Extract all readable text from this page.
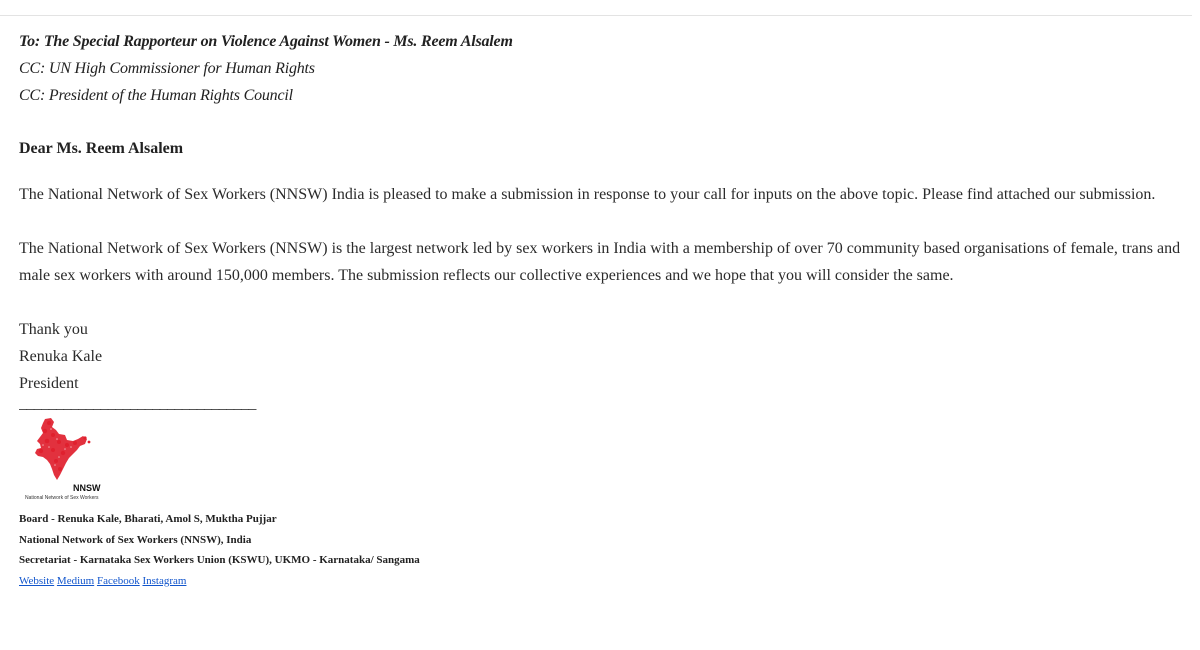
To: The Special Rapporteur on Violence Against Women - Ms. Reem Alsalem
CC: UN High Commissioner for Human Rights
CC: President of the Human Rights Council
Dear Ms. Reem Alsalem
The National Network of Sex Workers (NNSW) India is pleased to make a submission in response to your call for inputs on the above topic. Please find attached our submission.
The National Network of Sex Workers (NNSW) is the largest network led by sex workers in India with a membership of over 70 community based organisations of female, trans and male sex workers with around 150,000 members. The submission reflects our collective experiences and we hope that you will consider the same.
Thank you
Renuka Kale
President
________________________________
NNSW
National Network of Sex Workers
Board - Renuka Kale, Bharati, Amol S, Muktha Pujjar
National Network of Sex Workers (NNSW), India
Secretariat - Karnataka Sex Workers Union (KSWU), UKMO - Karnataka/ Sangama
Website Medium Facebook Instagram
